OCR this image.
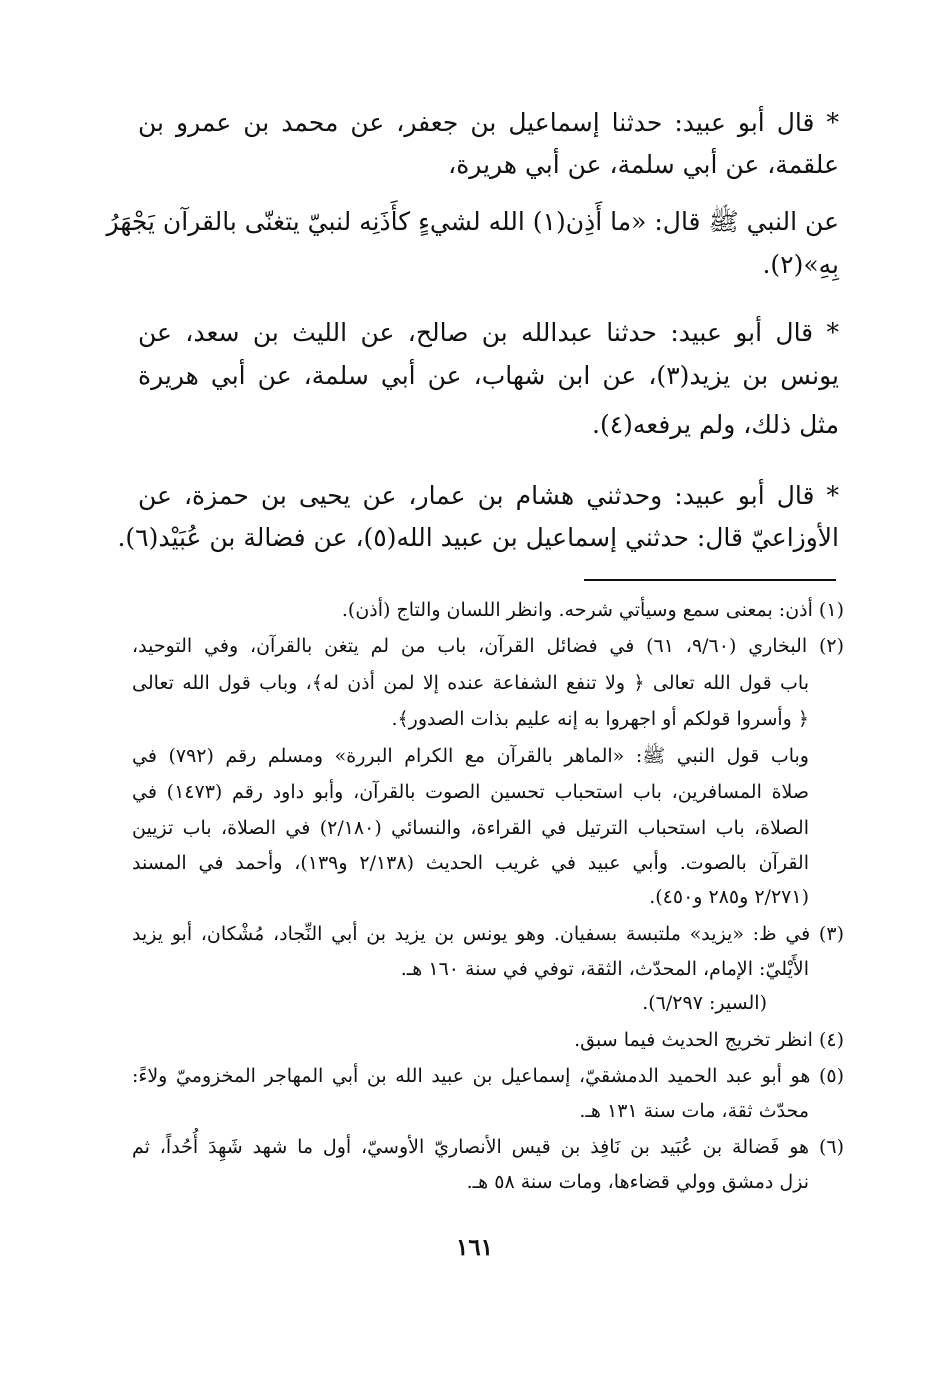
* قال أبو عبيد: حدثنا إسماعيل بن جعفر، عن محمد بن عمرو بن
علقمة، عن أبي سلمة، عن أبي هريرة،
عن النبي ﷺ قال: «ما أَذِن(١) الله لشيءٍ كأَذَنِه لنبيّ يتغنّى بالقرآن يَجْهَرُ
بِهِ»(٢).
* قال أبو عبيد: حدثنا عبدالله بن صالح، عن الليث بن سعد، عن
يونس بن يزيد(٣)، عن ابن شهاب، عن أبي سلمة، عن أبي هريرة
مثل ذلك، ولم يرفعه(٤).
* قال أبو عبيد: وحدثني هشام بن عمار، عن يحيى بن حمزة، عن
الأوزاعيّ قال: حدثني إسماعيل بن عبيد الله(٥)، عن فضالة بن عُبَيْد(٦).
(١) أذن: بمعنى سمع وسيأتي شرحه. وانظر اللسان والتاج (أذن).
(٢) البخاري (٩/٦٠، ٦١) في فضائل القرآن، باب من لم يتغن بالقرآن، وفي التوحيد،
باب قول الله تعالى ﴿ ولا تنفع الشفاعة عنده إلا لمن أذن له﴾، وباب قول الله تعالى
﴿ وأسروا قولكم أو اجهروا به إنه عليم بذات الصدور﴾.
وباب قول النبي ﷺ: «الماهر بالقرآن مع الكرام البررة» ومسلم رقم (٧٩٢) في
صلاة المسافرين، باب استحباب تحسين الصوت بالقرآن، وأبو داود رقم (١٤٧٣) في
الصلاة، باب استحباب الترتيل في القراءة، والنسائي (٢/١٨٠) في الصلاة، باب تزيين
القرآن بالصوت. وأبي عبيد في غريب الحديث (٢/١٣٨ و١٣٩)، وأحمد في المسند
(٢/٢٧١ و٢٨٥ و٤٥٠).
(٣) في ظ: «يزيد» ملتبسة بسفيان. وهو يونس بن يزيد بن أبي النِّجاد، مُشْكان، أبو يزيد
الأَيْليّ: الإمام، المحدّث، الثقة، توفي في سنة ١٦٠ هـ.
(السير: ٦/٢٩٧).
(٤) انظر تخريج الحديث فيما سبق.
(٥) هو أبو عبد الحميد الدمشقيّ، إسماعيل بن عبيد الله بن أبي المهاجر المخزوميّ ولاءً:
محدّث ثقة، مات سنة ١٣١ هـ.
(٦) هو فَضالة بن عُبَيد بن نَافِذ بن قيس الأنصاريّ الأوسيّ، أول ما شهد شَهِدَ أُحُداً، ثم
نزل دمشق وولي قضاءها، ومات سنة ٥٨ هـ.
١٦١
